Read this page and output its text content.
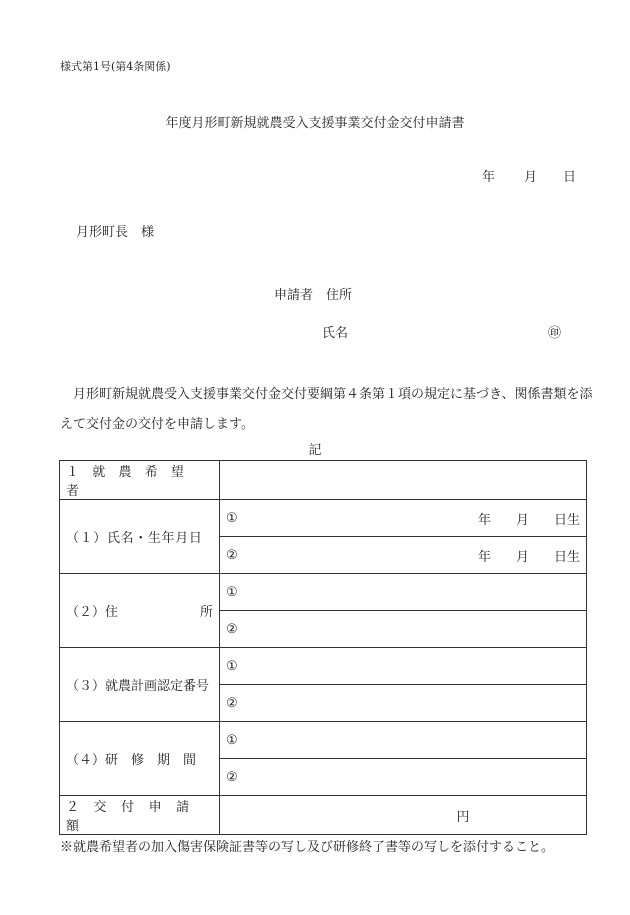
様式第1号(第4条関係)
年度月形町新規就農受入支援事業交付金交付申請書
年 月 日
月形町長　様
申請者　住所
氏名	㊞
月形町新規就農受入支援事業交付金交付要綱第４条第１項の規定に基づき、関係書類を添えて交付金の交付を申請します。
記
１ 就 農 希 望 者	
（１）氏名・生年月日	① 年 月 日生

	② 年 月 日生

（２）住 所	①
	②
（３）就農計画認定番号	①
	②
（４）研　修　期　間	①
	②
２ 交 付 申 請 額	円
※就農希望者の加入傷害保険証書等の写し及び研修終了書等の写しを添付すること。
